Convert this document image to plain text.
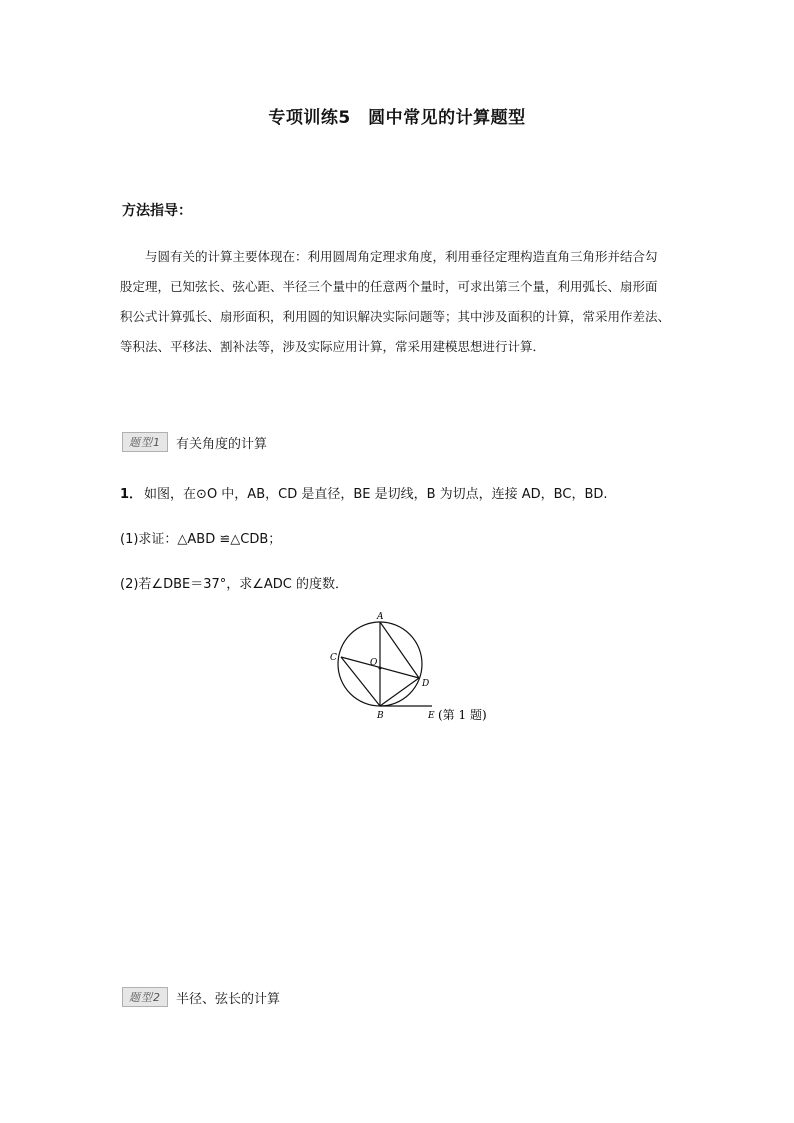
专项训练5　圆中常见的计算题型
方法指导：

与圆有关的计算主要体现在：利用圆周角定理求角度，利用垂径定理构造直角三角形并结合勾

股定理，已知弦长、弦心距、半径三个量中的任意两个量时，可求出第三个量，利用弧长、扇形面

积公式计算弧长、扇形面积，利用圆的知识解决实际问题等；其中涉及面积的计算，常采用作差法、

等积法、平移法、割补法等，涉及实际应用计算，常采用建模思想进行计算．

题型1	有关角度的计算
1． 如图，在⊙O 中，AB，CD 是直径，BE 是切线，B 为切点，连接 AD，BC，BD.
(1)求证：△ABD ≌△CDB；
(2)若∠DBE＝37°，求∠ADC 的度数．
A
B
C
D
E
O
(第 1 题)
题型2	半径、弦长的计算
